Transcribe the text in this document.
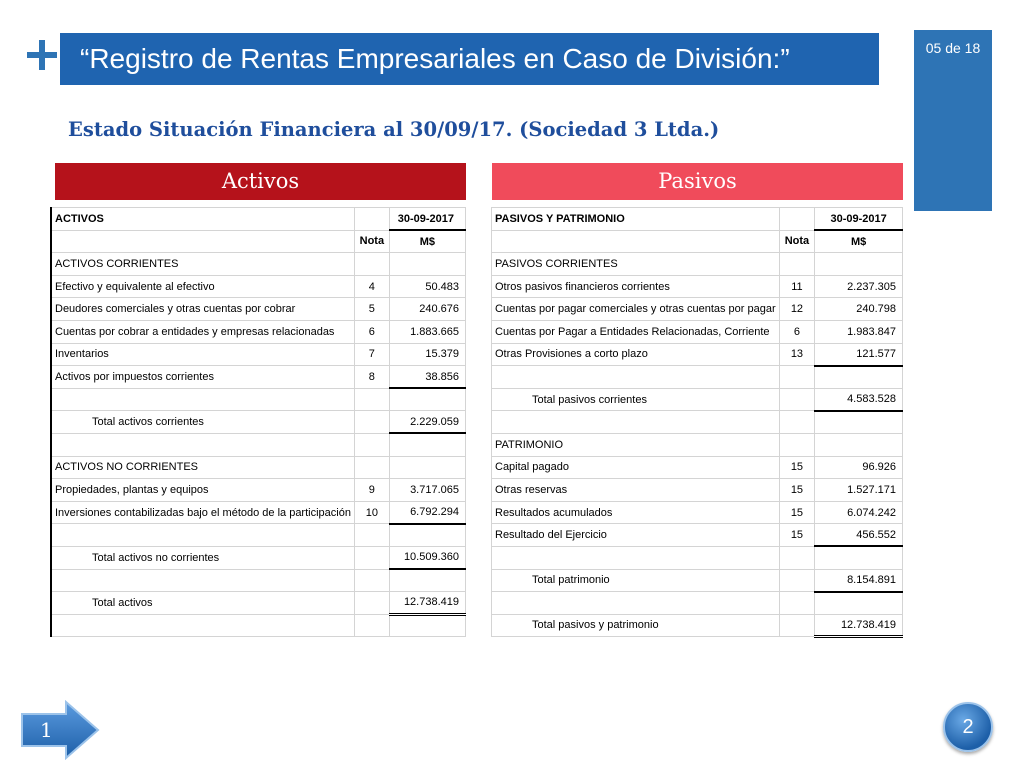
“Registro de Rentas Empresariales en Caso de División:”	05 de 18
Estado Situación Financiera al 30/09/17. (Sociedad 3 Ltda.)
Activos	Pasivos
ACTIVOS		30-09-2017
	Nota	M$
ACTIVOS CORRIENTES		
Efectivo y equivalente al efectivo	4	50.483
Deudores comerciales y otras cuentas por cobrar	5	240.676
Cuentas por cobrar a entidades y empresas relacionadas	6	1.883.665
Inventarios	7	15.379
Activos por impuestos corrientes	8	38.856

Total activos corrientes		2.229.059

ACTIVOS NO CORRIENTES		
Propiedades, plantas y equipos	9	3.717.065
Inversiones contabilizadas bajo el método de la participación	10	6.792.294

Total activos no corrientes		10.509.360

Total activos		12.738.419

PASIVOS Y PATRIMONIO		30-09-2017
	Nota	M$
PASIVOS CORRIENTES		
Otros pasivos financieros corrientes	11	2.237.305
Cuentas por pagar comerciales y otras cuentas por pagar	12	240.798
Cuentas por Pagar a Entidades Relacionadas, Corriente	6	1.983.847
Otras Provisiones a corto plazo	13	121.577

Total pasivos corrientes		4.583.528

PATRIMONIO		
Capital pagado	15	96.926
Otras reservas	15	1.527.171
Resultados acumulados	15	6.074.242
Resultado del Ejercicio	15	456.552

Total patrimonio		8.154.891

Total pasivos y patrimonio		12.738.419
1	2
